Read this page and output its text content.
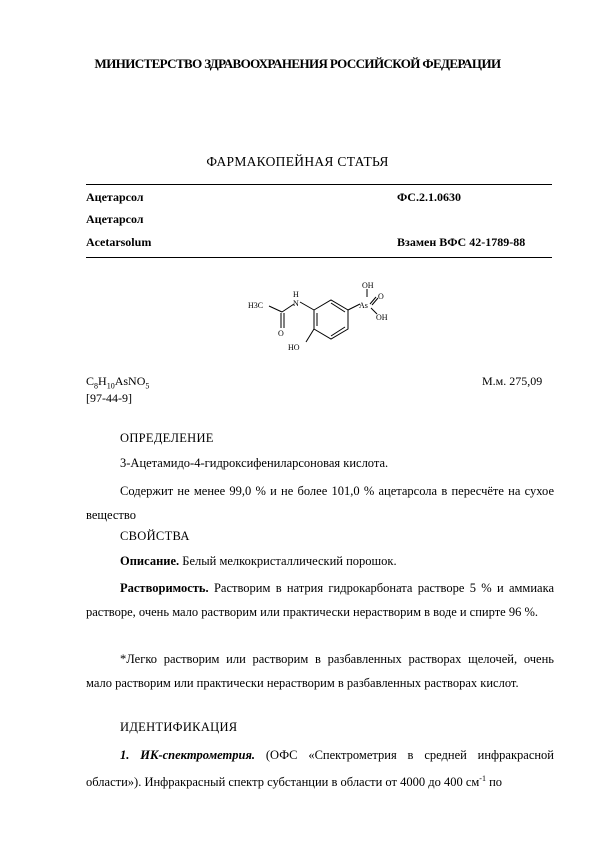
МИНИСТЕРСТВО ЗДРАВООХРАНЕНИЯ РОССИЙСКОЙ ФЕДЕРАЦИИ
ФАРМАКОПЕЙНАЯ СТАТЬЯ
Ацетарсол	ФС.2.1.0630
Ацетарсол
Acetarsolum	Взамен ВФС 42-1789-88
H3C
H
N
O
HO
As
OH
O
OH
$C_8H_{10}AsNO_5$	М.м. 275,09
[97-44-9]
ОПРЕДЕЛЕНИЕ
3-Ацетамидо-4-гидроксифениларсоновая кислота.
Содержит не менее 99,0 % и не более 101,0 % ацетарсола в пересчёте на сухое вещество
СВОЙСТВА
Описание. Белый мелкокристаллический порошок.
Растворимость. Растворим в натрия гидрокарбоната растворе 5 % и аммиака растворе, очень мало растворим или практически нерастворим в воде и спирте 96 %.
*Легко растворим или растворим в разбавленных растворах щелочей, очень мало растворим или практически нерастворим в разбавленных растворах кислот.
ИДЕНТИФИКАЦИЯ
1. ИК-спектрометрия. (ОФС «Спектрометрия в средней инфракрасной области»). Инфракрасный спектр субстанции в области от 4000 до 400 $см^{-1}$ по
